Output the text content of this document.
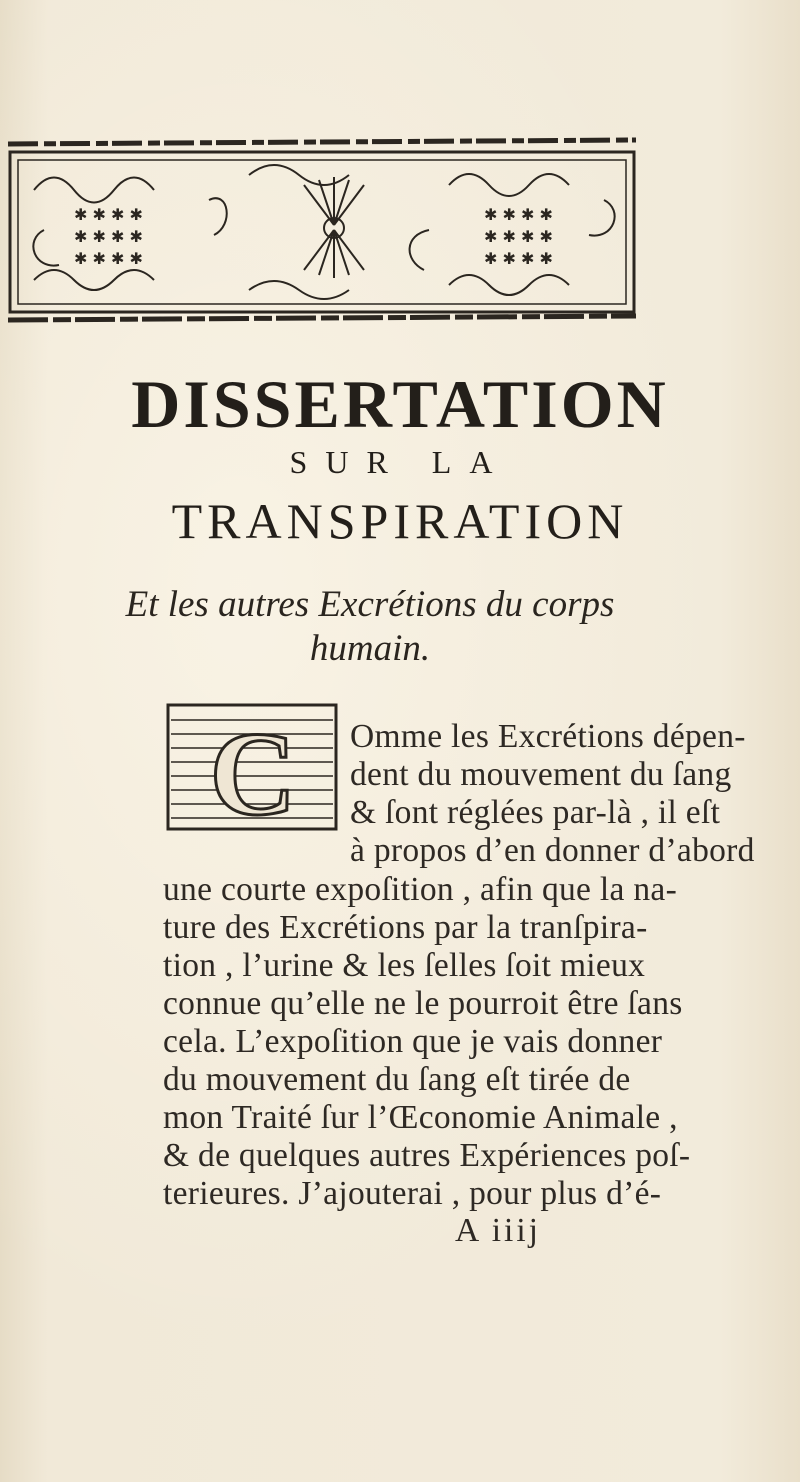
✱ ✱ ✱ ✱
✱ ✱ ✱ ✱
✱ ✱ ✱ ✱
✱ ✱ ✱ ✱
✱ ✱ ✱ ✱
✱ ✱ ✱ ✱
DISSERTATION
SUR LA
TRANSPIRATION
Et les autres Excrétions du corps
humain.
C Omme les Excrétions dépen-
dent du mouvement du ſang
& ſont réglées par-là , il eſt
à propos d’en donner d’abord
une courte expoſition , afin que la na-
ture des Excrétions par la tranſpira-
tion , l’urine & les ſelles ſoit mieux
connue qu’elle ne le pourroit être ſans
cela. L’expoſition que je vais donner
du mouvement du ſang eſt tirée de
mon Traité ſur l’Œconomie Animale ,
& de quelques autres Expériences poſ-
terieures. J’ajouterai , pour plus d’é-
A iiij
